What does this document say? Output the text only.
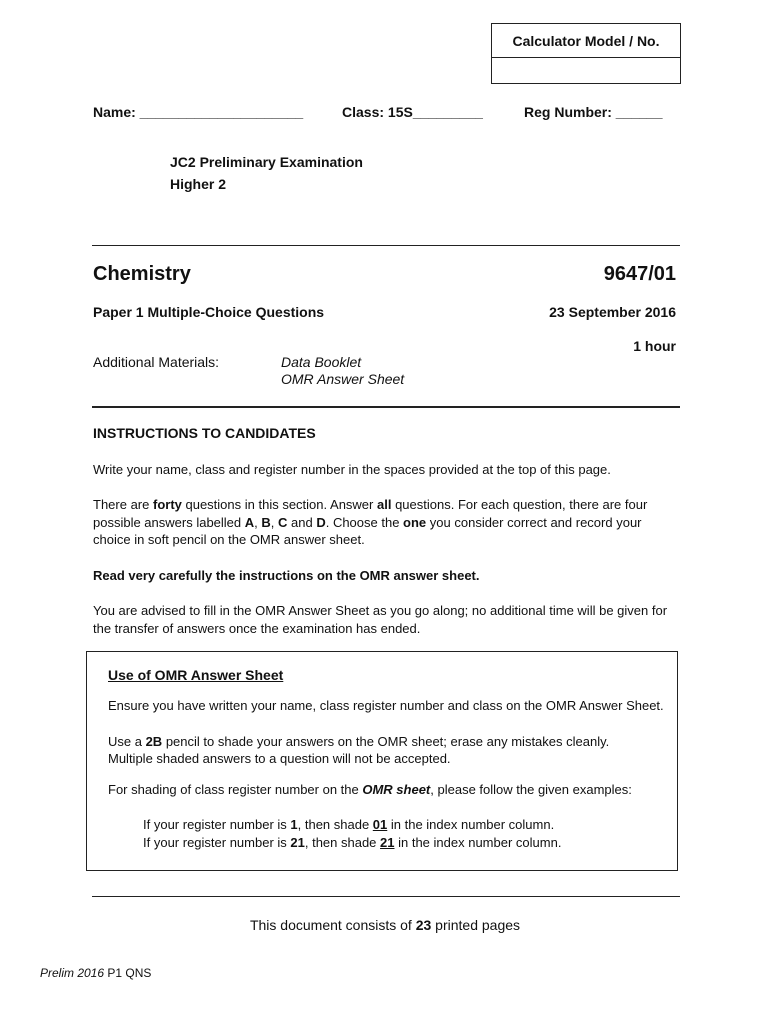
Calculator Model / No.
Name: _____________________	Class: 15S_________	Reg Number: ______
JC2 Preliminary Examination
Higher 2
Chemistry	9647/01
Paper 1 Multiple-Choice Questions	23 September 2016
1 hour
Additional Materials:	Data Booklet
OMR Answer Sheet
INSTRUCTIONS TO CANDIDATES
Write your name, class and register number in the spaces provided at the top of this page.
There are forty questions in this section. Answer all questions. For each question, there are four possible answers labelled A, B, C and D. Choose the one you consider correct and record your choice in soft pencil on the OMR answer sheet.
Read very carefully the instructions on the OMR answer sheet.
You are advised to fill in the OMR Answer Sheet as you go along; no additional time will be given for the transfer of answers once the examination has ended.
Use of OMR Answer Sheet
Ensure you have written your name, class register number and class on the OMR Answer Sheet.
Use a 2B pencil to shade your answers on the OMR sheet; erase any mistakes cleanly.
Multiple shaded answers to a question will not be accepted.
For shading of class register number on the OMR sheet, please follow the given examples:
If your register number is 1, then shade 01 in the index number column.
If your register number is 21, then shade 21 in the index number column.
This document consists of 23 printed pages
Prelim 2016 P1 QNS
